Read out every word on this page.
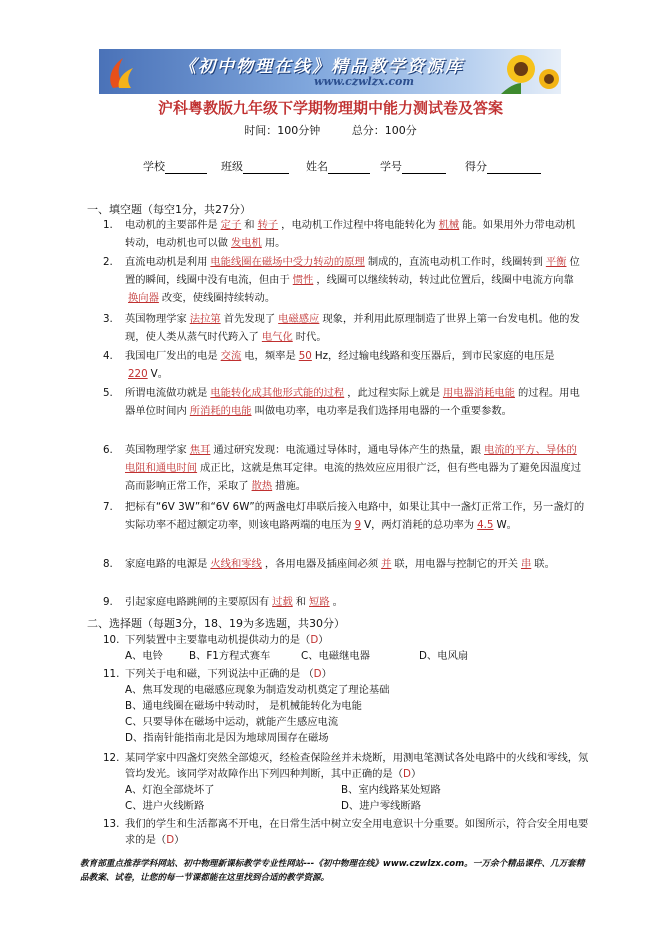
《初中物理在线》精品教学资源库
www.czwlzx.com
沪科粤教版九年级下学期物理期中能力测试卷及答案
时间：100分钟	总分：100分
学校	班级	姓名	学号	得分
一、填空题（每空1分，共27分）
1. 电动机的主要部件是 定子 和 转子 ，电动机工作过程中将电能转化为 机械 能。如果用外力带电动机转动，电动机也可以做 发电机 用。
2. 直流电动机是利用 电能线圈在磁场中受力转动的原理 制成的，直流电动机工作时，线圈转到 平衡 位置的瞬间，线圈中没有电流，但由于 惯性 ，线圈可以继续转动，转过此位置后，线圈中电流方向靠换向器 改变，使线圈持续转动。
3. 英国物理学家 法拉第 首先发现了 电磁感应 现象，并利用此原理制造了世界上第一台发电机。他的发现，使人类从蒸气时代跨入了 电气化 时代。
4. 我国电厂发出的电是 交流 电，频率是 50 Hz，经过输电线路和变压器后，到市民家庭的电压是220 V。
5. 所谓电流做功就是 电能转化成其他形式能的过程 ，此过程实际上就是 用电器消耗电能 的过程。用电器单位时间内 所消耗的电能 叫做电功率，电功率是我们选择用电器的一个重要参数。
6. 英国物理学家 焦耳 通过研究发现：电流通过导体时，通电导体产生的热量，跟 电流的平方、导体的电阻和通电时间 成正比，这就是焦耳定律。电流的热效应应用很广泛，但有些电器为了避免因温度过高而影响正常工作，采取了 散热 措施。
7. 把标有“6V 3W”和“6V 6W”的两盏电灯串联后接入电路中，如果让其中一盏灯正常工作，另一盏灯的实际功率不超过额定功率，则该电路两端的电压为 9 V，两灯消耗的总功率为 4.5 W。
8. 家庭电路的电源是 火线和零线 ，各用电器及插座间必须 并 联，用电器与控制它的开关 串 联。
9. 引起家庭电路跳闸的主要原因有 过载 和 短路 。
二、选择题（每题3分，18、19为多选题，共30分）
10. 下列装置中主要靠电动机提供动力的是（D）
A、电铃	B、F1方程式赛车	C、电磁继电器	D、电风扇
11. 下列关于电和磁，下列说法中正确的是 （D）
A、焦耳发现的电磁感应现象为制造发动机奠定了理论基础
B、通电线圈在磁场中转动时， 是机械能转化为电能
C、只要导体在磁场中运动，就能产生感应电流
D、指南针能指南北是因为地球周围存在磁场
12. 某同学家中四盏灯突然全部熄灭，经检查保险丝并未烧断，用测电笔测试各处电路中的火线和零线，氖管均发光。该同学对故障作出下列四种判断，其中正确的是（D）
A、灯泡全部烧坏了	B、室内线路某处短路
C、进户火线断路	D、进户零线断路
13. 我们的学生和生活都离不开电，在日常生活中树立安全用电意识十分重要。如图所示，符合安全用电要求的是（D）
教育部重点推荐学科网站、初中物理新课标教学专业性网站---《初中物理在线》www.czwlzx.com。一万余个精品课件、几万套精品教案、试卷，让您的每一节课都能在这里找到合适的教学资源。
